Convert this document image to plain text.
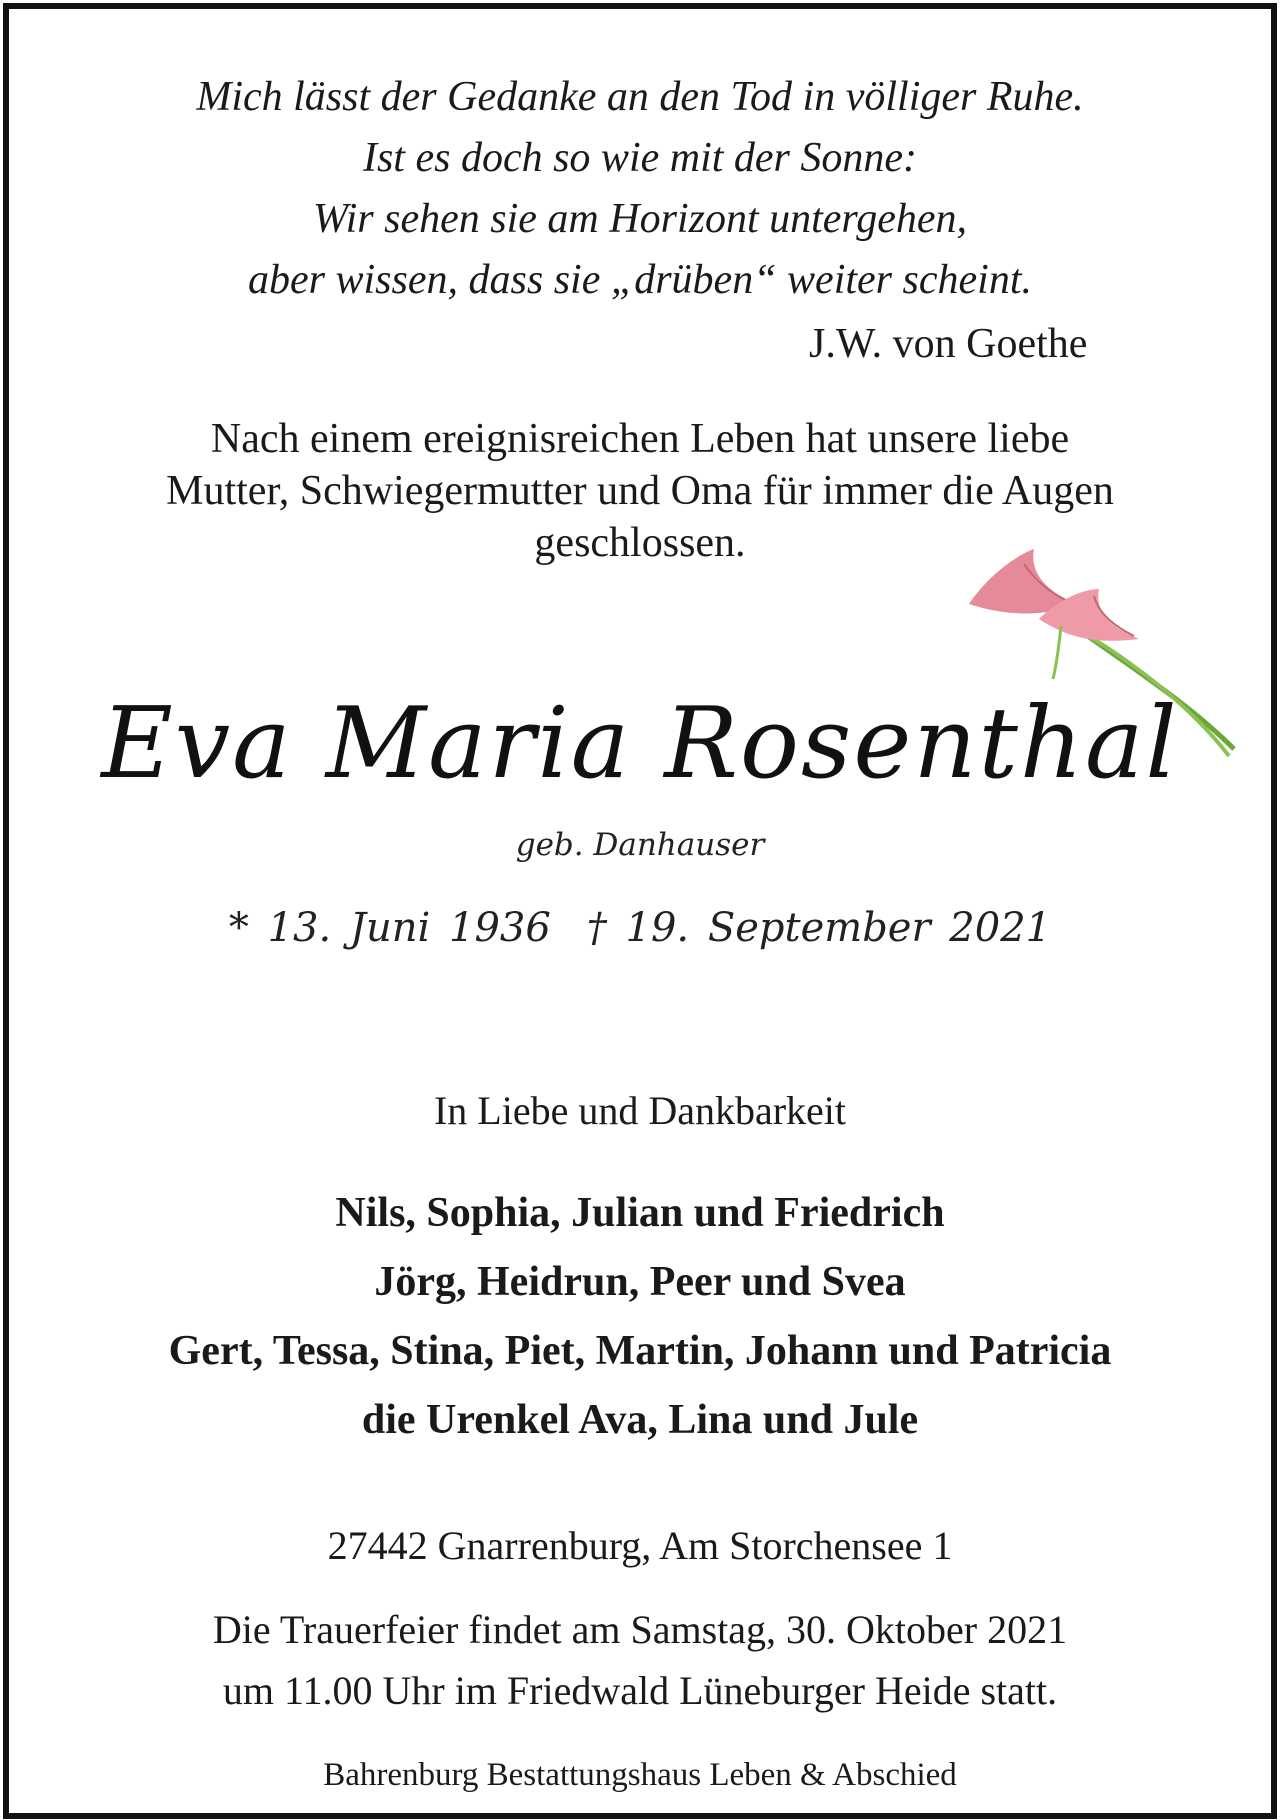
Mich lässt der Gedanke an den Tod in völliger Ruhe.
Ist es doch so wie mit der Sonne:
Wir sehen sie am Horizont untergehen,
aber wissen, dass sie „drüben“ weiter scheint.
J.W. von Goethe
Nach einem ereignisreichen Leben hat unsere liebe
Mutter, Schwiegermutter und Oma für immer die Augen
geschlossen.
Eva Maria Rosenthal
geb. Danhauser
* 13. Juni 1936 † 19. September 2021
In Liebe und Dankbarkeit
Nils, Sophia, Julian und Friedrich
Jörg, Heidrun, Peer und Svea
Gert, Tessa, Stina, Piet, Martin, Johann und Patricia
die Urenkel Ava, Lina und Jule
27442 Gnarrenburg, Am Storchensee 1
Die Trauerfeier findet am Samstag, 30. Oktober 2021
um 11.00 Uhr im Friedwald Lüneburger Heide statt.
Bahrenburg Bestattungshaus Leben & Abschied
